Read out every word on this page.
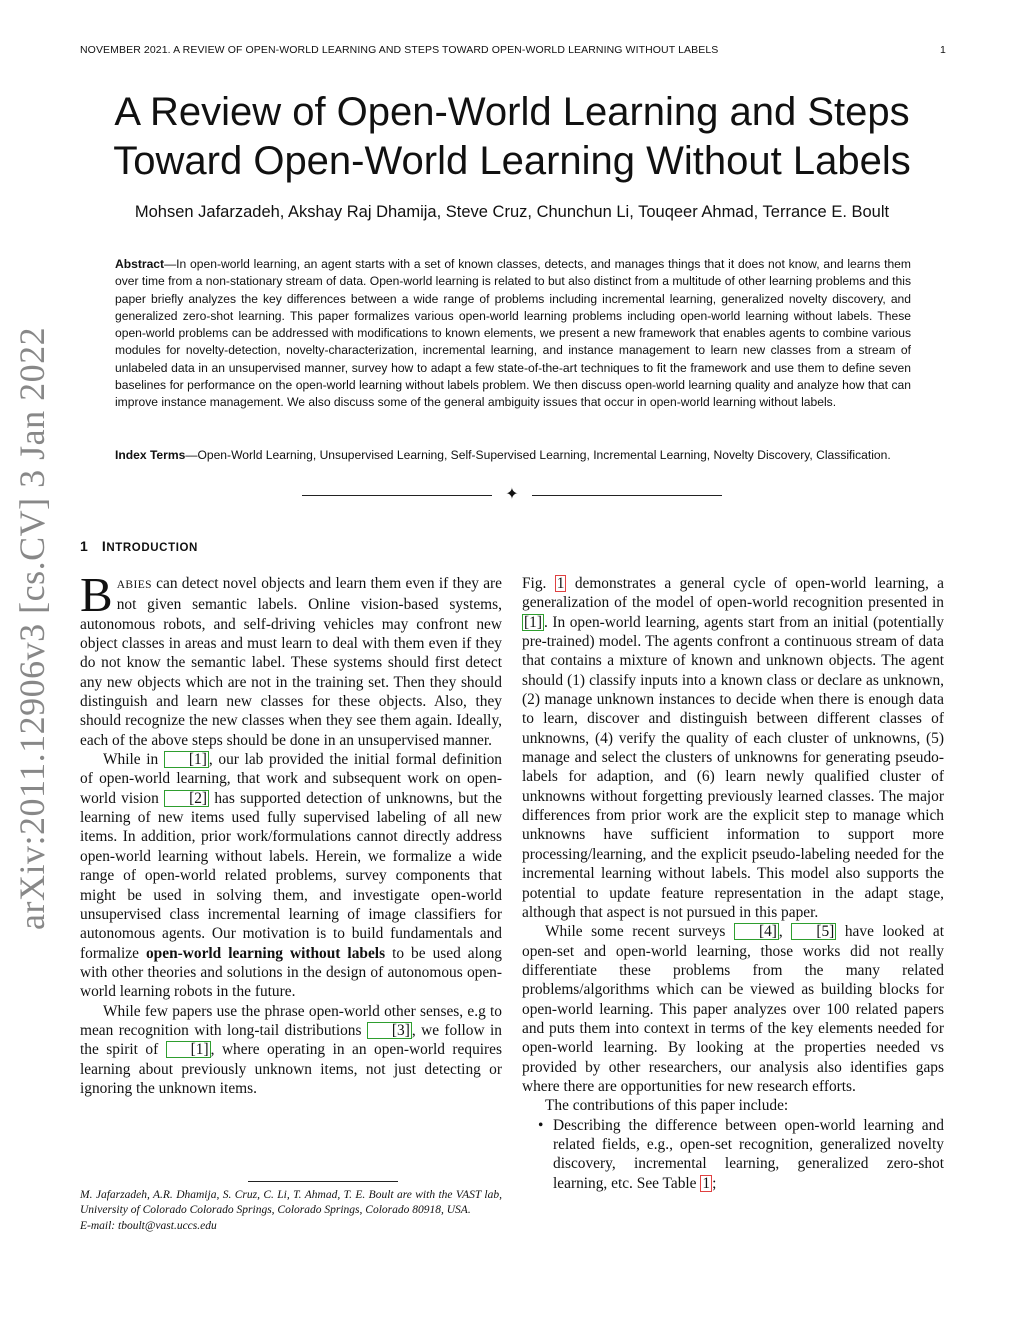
NOVEMBER 2021. A REVIEW OF OPEN-WORLD LEARNING AND STEPS TOWARD OPEN-WORLD LEARNING WITHOUT LABELS	1
A Review of Open-World Learning and Steps
Toward Open-World Learning Without Labels
Mohsen Jafarzadeh, Akshay Raj Dhamija, Steve Cruz, Chunchun Li, Touqeer Ahmad, Terrance E. Boult
Abstract—In open-world learning, an agent starts with a set of known classes, detects, and manages things that it does not know, and learns them over time from a non-stationary stream of data. Open-world learning is related to but also distinct from a multitude of other learning problems and this paper briefly analyzes the key differences between a wide range of problems including incremental learning, generalized novelty discovery, and generalized zero-shot learning. This paper formalizes various open-world learning problems including open-world learning without labels. These open-world problems can be addressed with modifications to known elements, we present a new framework that enables agents to combine various modules for novelty-detection, novelty-characterization, incremental learning, and instance management to learn new classes from a stream of unlabeled data in an unsupervised manner, survey how to adapt a few state-of-the-art techniques to fit the framework and use them to define seven baselines for performance on the open-world learning without labels problem. We then discuss open-world learning quality and analyze how that can improve instance management. We also discuss some of the general ambiguity issues that occur in open-world learning without labels.
Index Terms—Open-World Learning, Unsupervised Learning, Self-Supervised Learning, Incremental Learning, Novelty Discovery, Classification.
✦
arXiv:2011.12906v3 [cs.CV] 3 Jan 2022	1 INTRODUCTION

BABIES can detect novel objects and learn them even if they are not given semantic labels. Online vision-based systems, autonomous robots, and self-driving vehicles may confront new object classes in areas and must learn to deal with them even if they do not know the semantic label. These systems should first detect any new objects which are not in the training set. Then they should distinguish and learn new classes for these objects. Also, they should recognize the new classes when they see them again. Ideally, each of the above steps should be done in an unsupervised manner.

While in [1] , our lab provided the initial formal definition of open-world learning, that work and subsequent work on open-world vision [2] has supported detection of unknowns, but the learning of new items used fully supervised labeling of all new items. In addition, prior work/formulations cannot directly address open-world learning without labels. Herein, we formalize a wide range of open-world related problems, survey components that might be used in solving them, and investigate open-world unsupervised class incremental learning of image classifiers for autonomous agents. Our motivation is to build fundamentals and formalize open-world learning without labels to be used along with other theories and solutions in the design of autonomous open-world learning robots in the future.

While few papers use the phrase open-world other senses, e.g to mean recognition with long-tail distributions [3] , we follow in the spirit of [1] , where operating in an open-world requires learning about previously unknown items, not just detecting or ignoring the unknown items.

M. Jafarzadeh, A.R. Dhamija, S. Cruz, C. Li, T. Ahmad, T. E. Boult are with the VAST lab, University of Colorado Colorado Springs, Colorado Springs, Colorado 80918, USA.
E-mail: tboult@vast.uccs.edu

Fig. 1 demonstrates a general cycle of open-world learning, a generalization of the model of open-world recognition presented in [1] . In open-world learning, agents start from an initial (potentially pre-trained) model. The agents confront a continuous stream of data that contains a mixture of known and unknown objects. The agent should (1) classify inputs into a known class or declare as unknown, (2) manage unknown instances to decide when there is enough data to learn, discover and distinguish between different classes of unknowns, (4) verify the quality of each cluster of unknowns, (5) manage and select the clusters of unknowns for generating pseudo-labels for adaption, and (6) learn newly qualified cluster of unknowns without forgetting previously learned classes. The major differences from prior work are the explicit step to manage which unknowns have sufficient information to support more processing/learning, and the explicit pseudo-labeling needed for the incremental learning without labels. This model also supports the potential to update feature representation in the adapt stage, although that aspect is not pursued in this paper.

While some recent surveys [4] , [5] have looked at open-set and open-world learning, those works did not really differentiate these problems from the many related problems/algorithms which can be viewed as building blocks for open-world learning. This paper analyzes over 100 related papers and puts them into context in terms of the key elements needed for open-world learning. By looking at the properties needed vs provided by other researchers, our analysis also identifies gaps where there are opportunities for new research efforts.

The contributions of this paper include:

• Describing the difference between open-world learning and related fields, e.g., open-set recognition, generalized novelty discovery, incremental learning, generalized zero-shot learning, etc. See Table 1 ;
